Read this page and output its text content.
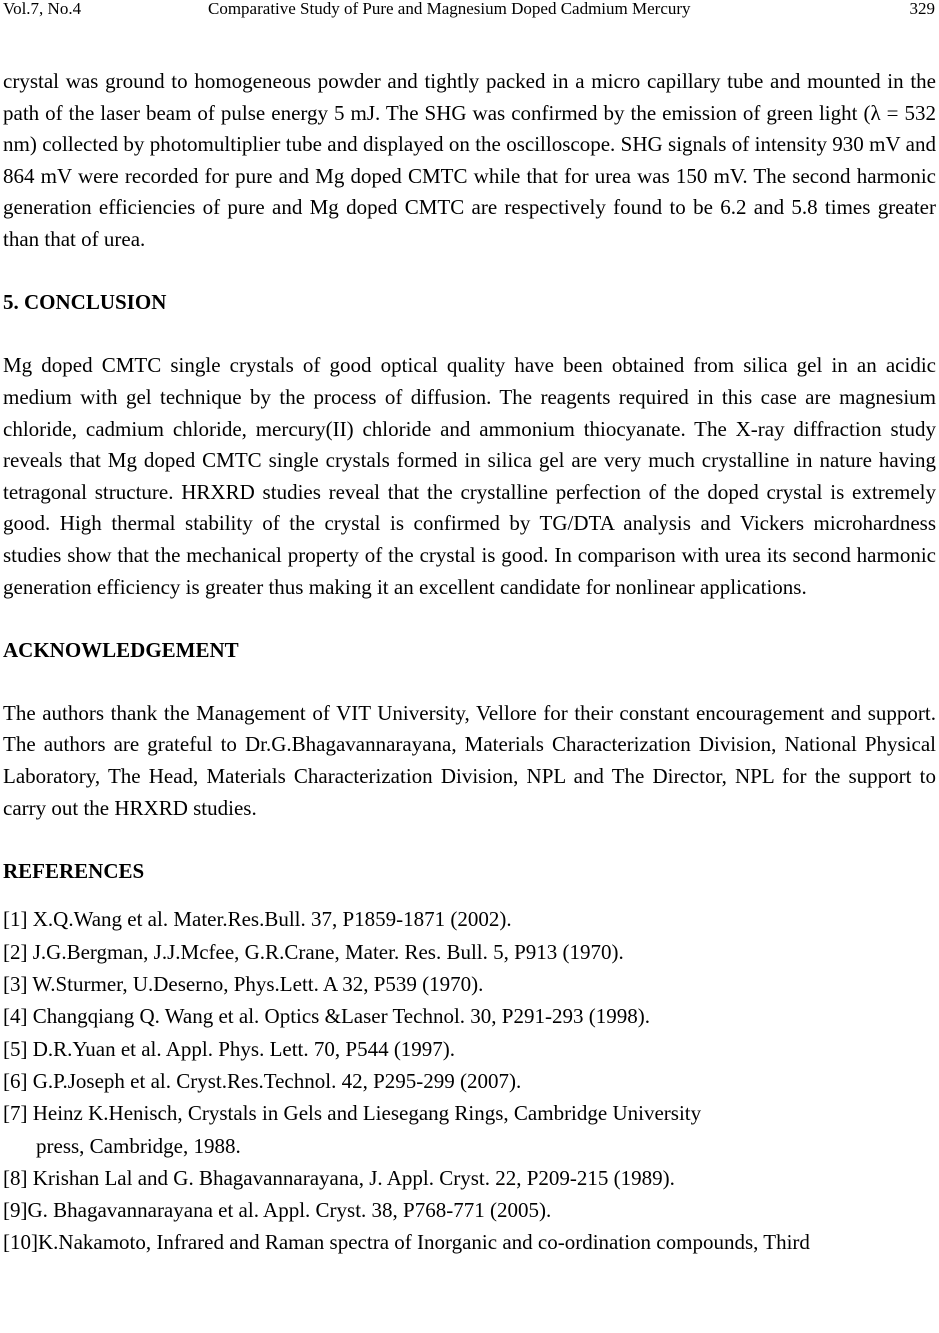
Vol.7, No.4	Comparative Study of Pure and Magnesium Doped Cadmium Mercury	329

crystal was ground to homogeneous powder and tightly packed in a micro capillary tube and mounted in the path of the laser beam of pulse energy 5 mJ. The SHG was confirmed by the emission of green light (λ = 532 nm) collected by photomultiplier tube and displayed on the oscilloscope. SHG signals of intensity 930 mV and 864 mV were recorded for pure and Mg doped CMTC while that for urea was 150 mV. The second harmonic generation efficiencies of pure and Mg doped CMTC are respectively found to be 6.2 and 5.8 times greater than that of urea.

5. CONCLUSION

Mg doped CMTC single crystals of good optical quality have been obtained from silica gel in an acidic medium with gel technique by the process of diffusion. The reagents required in this case are magnesium chloride, cadmium chloride, mercury(II) chloride and ammonium thiocyanate. The X-ray diffraction study reveals that Mg doped CMTC single crystals formed in silica gel are very much crystalline in nature having tetragonal structure. HRXRD studies reveal that the crystalline perfection of the doped crystal is extremely good. High thermal stability of the crystal is confirmed by TG/DTA analysis and Vickers microhardness studies show that the mechanical property of the crystal is good. In comparison with urea its second harmonic generation efficiency is greater thus making it an excellent candidate for nonlinear applications.

ACKNOWLEDGEMENT

The authors thank the Management of VIT University, Vellore for their constant encouragement and support. The authors are grateful to Dr.G.Bhagavannarayana, Materials Characterization Division, National Physical Laboratory, The Head, Materials Characterization Division, NPL and The Director, NPL for the support to carry out the HRXRD studies.

REFERENCES
[1] X.Q.Wang et al. Mater.Res.Bull. 37, P1859-1871 (2002).
[2] J.G.Bergman, J.J.Mcfee, G.R.Crane, Mater. Res. Bull. 5, P913 (1970).
[3] W.Sturmer, U.Deserno, Phys.Lett. A 32, P539 (1970).
[4] Changqiang Q. Wang et al. Optics &Laser Technol. 30, P291-293 (1998).
[5] D.R.Yuan et al. Appl. Phys. Lett. 70, P544 (1997).
[6] G.P.Joseph et al. Cryst.Res.Technol. 42, P295-299 (2007).
[7] Heinz K.Henisch, Crystals in Gels and Liesegang Rings, Cambridge University
press, Cambridge, 1988.
[8] Krishan Lal and G. Bhagavannarayana, J. Appl. Cryst. 22, P209-215 (1989).
[9]G. Bhagavannarayana et al. Appl. Cryst. 38, P768-771 (2005).
[10]K.Nakamoto, Infrared and Raman spectra of Inorganic and co-ordination compounds, Third
